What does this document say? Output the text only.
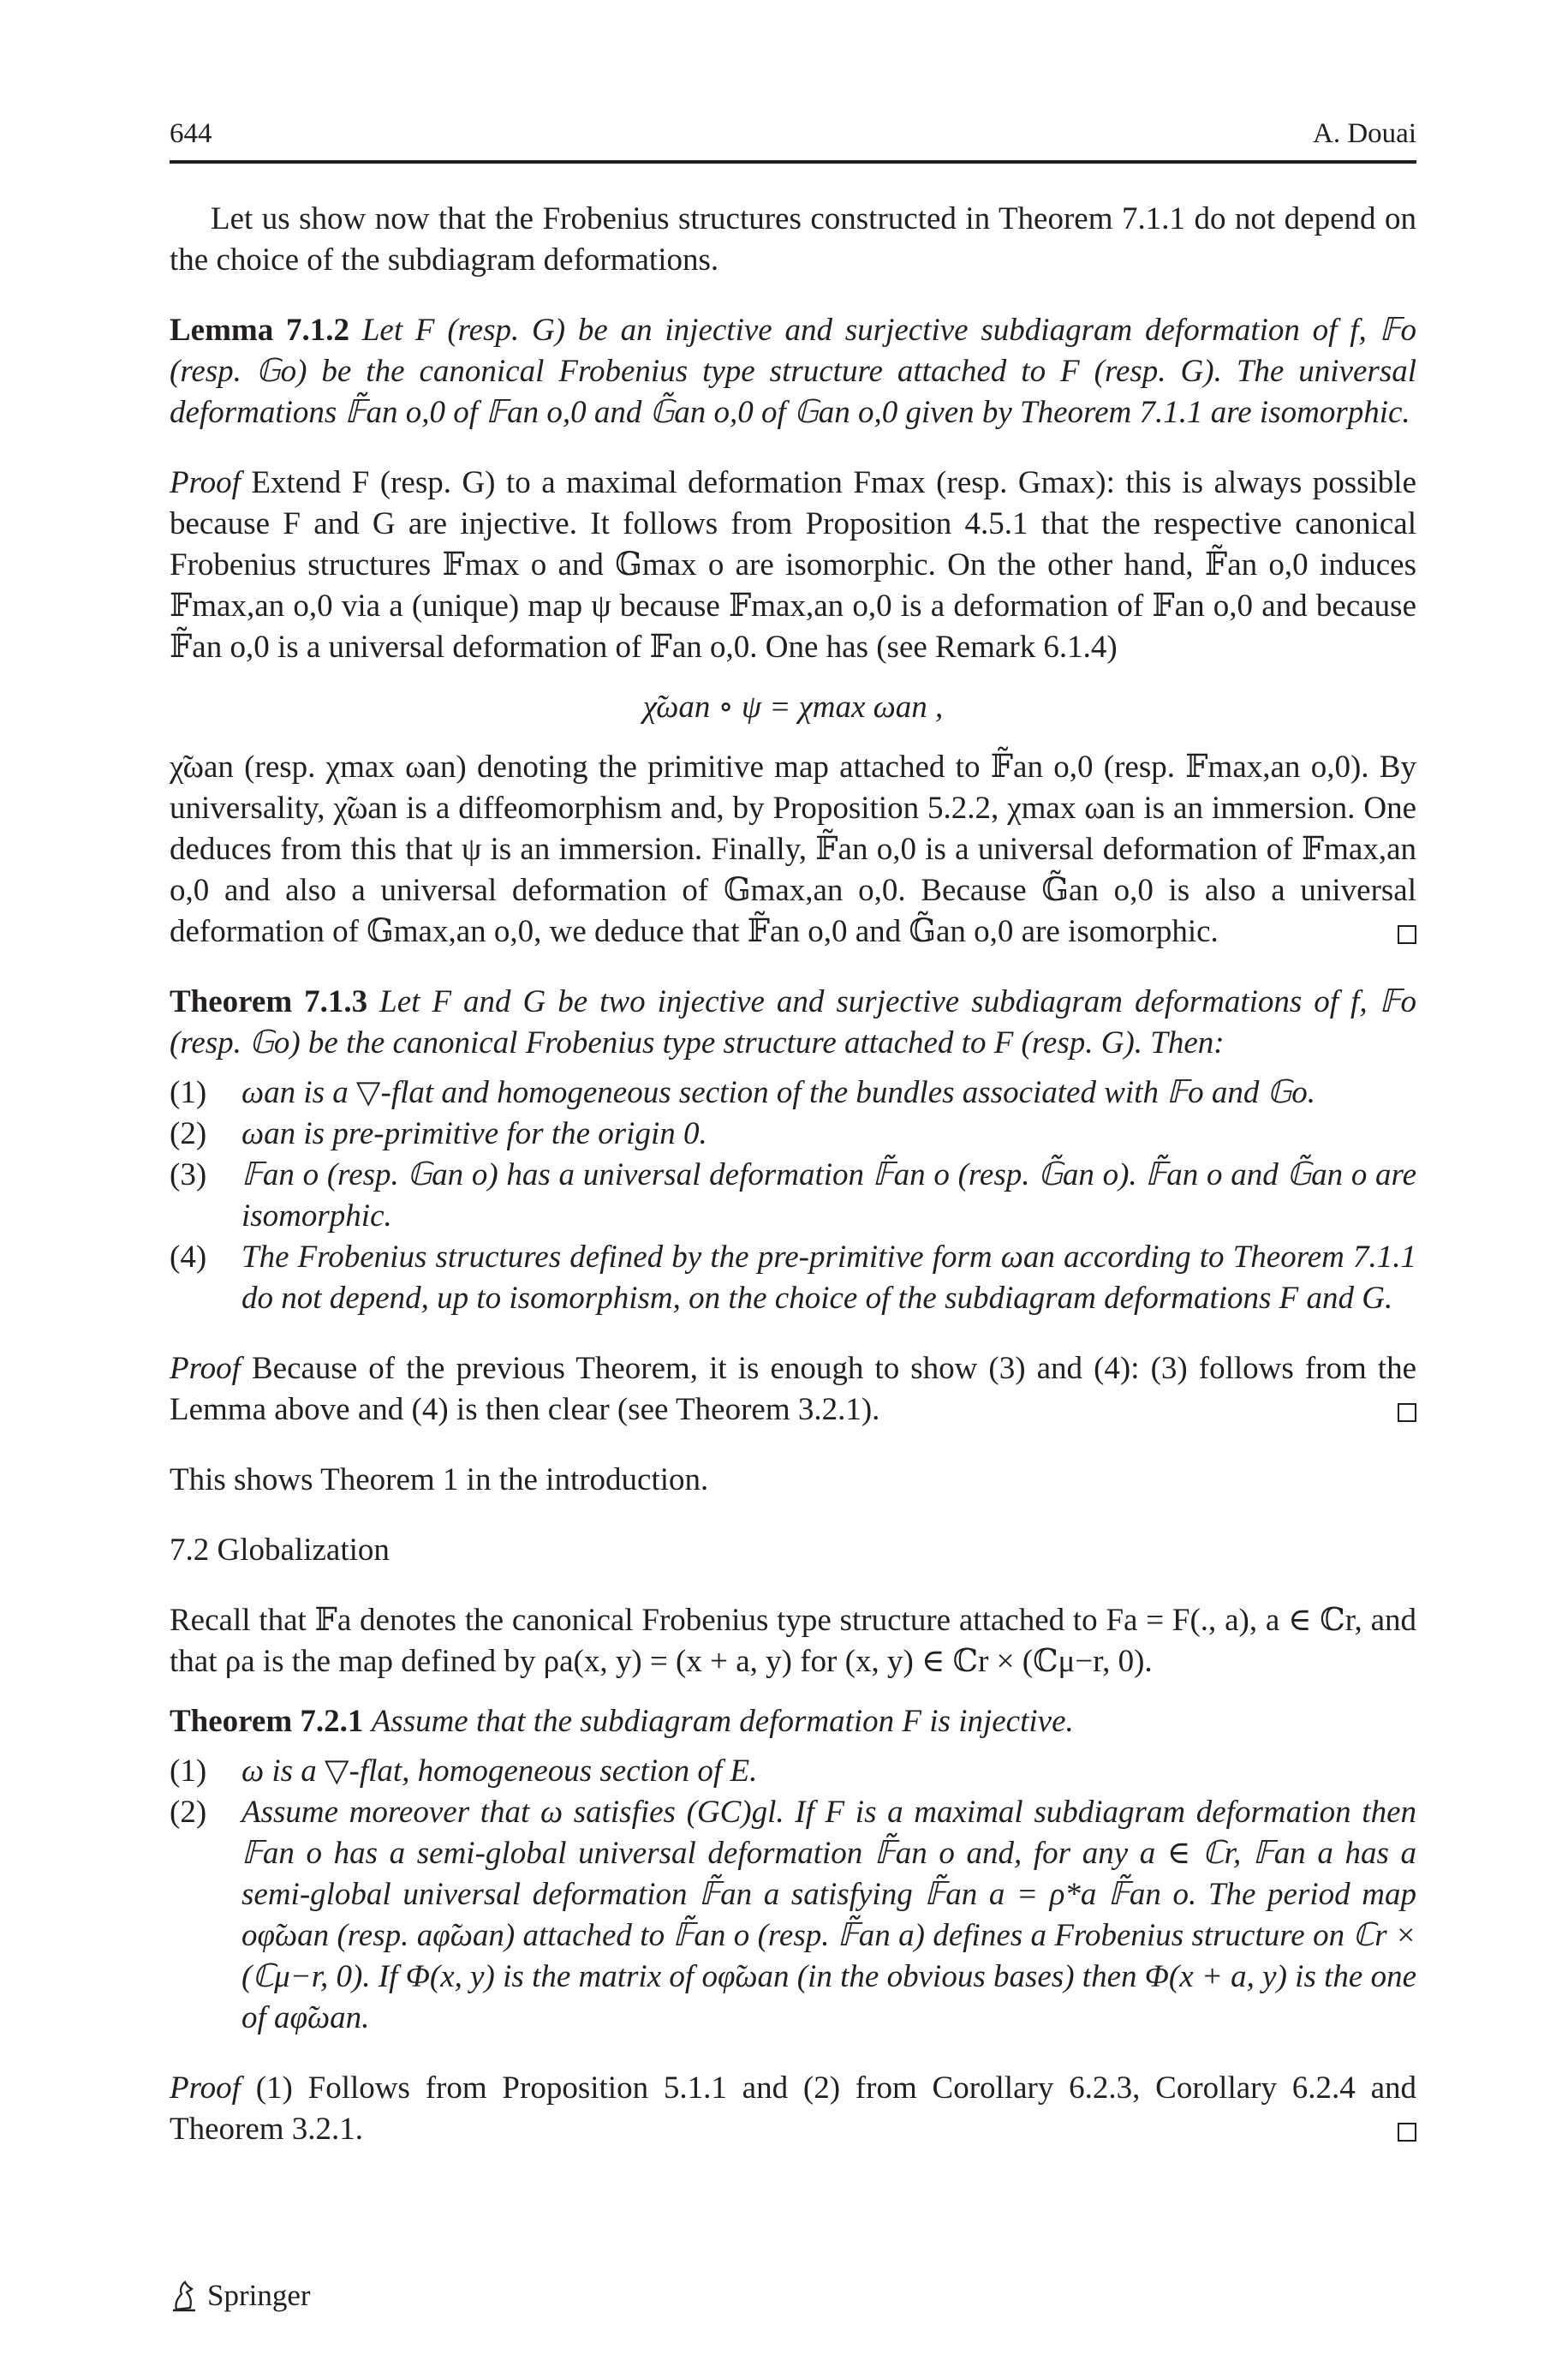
644	A. Douai

Let us show now that the Frobenius structures constructed in Theorem 7.1.1 do not depend on the choice of the subdiagram deformations.

Lemma 7.1.2 Let F (resp. G) be an injective and surjective subdiagram deformation of f, 𝔽o (resp. 𝔾o) be the canonical Frobenius type structure attached to F (resp. G). The universal deformations 𝔽̃an o,0 of 𝔽an o,0 and 𝔾̃an o,0 of 𝔾an o,0 given by Theorem 7.1.1 are isomorphic.

Proof Extend F (resp. G) to a maximal deformation Fmax (resp. Gmax): this is always possible because F and G are injective. It follows from Proposition 4.5.1 that the respective canonical Frobenius structures 𝔽max o and 𝔾max o are isomorphic. On the other hand, 𝔽̃an o,0 induces 𝔽max,an o,0 via a (unique) map ψ because 𝔽max,an o,0 is a deformation of 𝔽an o,0 and because 𝔽̃an o,0 is a universal deformation of 𝔽an o,0. One has (see Remark 6.1.4)

χ̃ωan ∘ ψ = χmax ωan ,

χ̃ωan (resp. χmax ωan) denoting the primitive map attached to 𝔽̃an o,0 (resp. 𝔽max,an o,0). By universality, χ̃ωan is a diffeomorphism and, by Proposition 5.2.2, χmax ωan is an immersion. One deduces from this that ψ is an immersion. Finally, 𝔽̃an o,0 is a universal deformation of 𝔽max,an o,0 and also a universal deformation of 𝔾max,an o,0. Because 𝔾̃an o,0 is also a universal deformation of 𝔾max,an o,0, we deduce that 𝔽̃an o,0 and 𝔾̃an o,0 are isomorphic.

Theorem 7.1.3 Let F and G be two injective and surjective subdiagram deformations of f, 𝔽o (resp. 𝔾o) be the canonical Frobenius type structure attached to F (resp. G). Then:

(1) ωan is a ▽-flat and homogeneous section of the bundles associated with 𝔽o and 𝔾o.
(2) ωan is pre-primitive for the origin 0.
(3) 𝔽an o (resp. 𝔾an o) has a universal deformation 𝔽̃an o (resp. 𝔾̃an o). 𝔽̃an o and 𝔾̃an o are isomorphic.
(4) The Frobenius structures defined by the pre-primitive form ωan according to Theorem 7.1.1 do not depend, up to isomorphism, on the choice of the subdiagram deformations F and G.

Proof Because of the previous Theorem, it is enough to show (3) and (4): (3) follows from the Lemma above and (4) is then clear (see Theorem 3.2.1).

This shows Theorem 1 in the introduction.

7.2 Globalization

Recall that 𝔽a denotes the canonical Frobenius type structure attached to Fa = F(., a), a ∈ ℂr, and that ρa is the map defined by ρa(x, y) = (x + a, y) for (x, y) ∈ ℂr × (ℂμ−r, 0).

Theorem 7.2.1 Assume that the subdiagram deformation F is injective.

(1) ω is a ▽-flat, homogeneous section of E.
(2) Assume moreover that ω satisfies (GC)gl. If F is a maximal subdiagram deformation then 𝔽an o has a semi-global universal deformation 𝔽̃an o and, for any a ∈ ℂr, 𝔽an a has a semi-global universal deformation 𝔽̃an a satisfying 𝔽̃an a = ρ*a 𝔽̃an o. The period map oφ̃ωan (resp. aφ̃ωan) attached to 𝔽̃an o (resp. 𝔽̃an a) defines a Frobenius structure on ℂr × (ℂμ−r, 0). If Φ(x, y) is the matrix of oφ̃ωan (in the obvious bases) then Φ(x + a, y) is the one of aφ̃ωan.

Proof (1) Follows from Proposition 5.1.1 and (2) from Corollary 6.2.3, Corollary 6.2.4 and Theorem 3.2.1.

Springer
